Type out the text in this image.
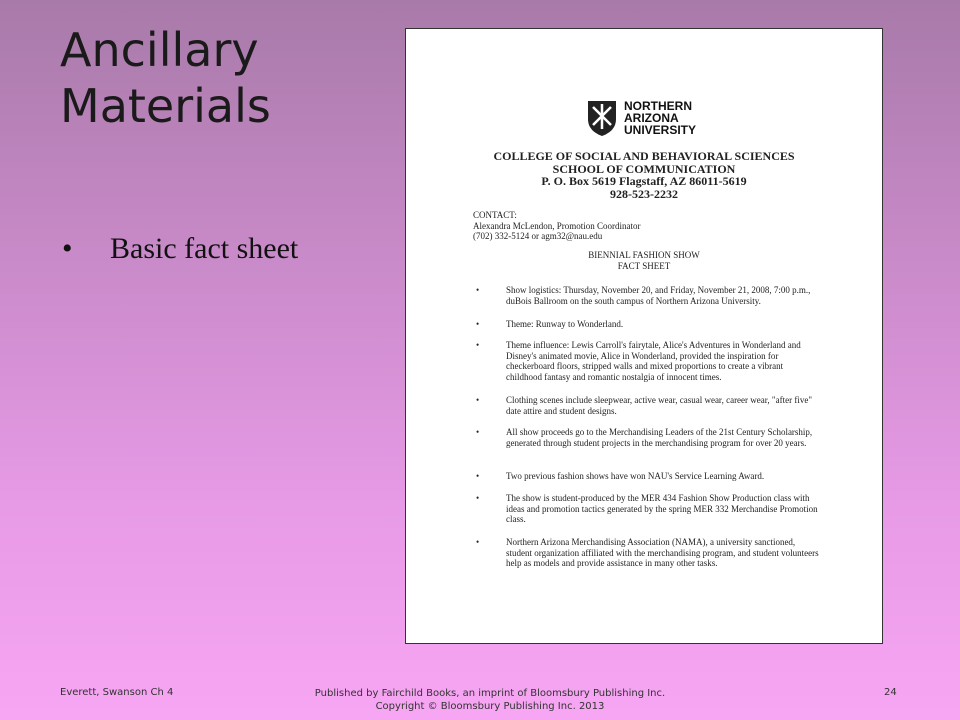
Ancillary
Materials
•	Basic fact sheet
NORTHERN
ARIZONA
UNIVERSITY
COLLEGE OF SOCIAL AND BEHAVIORAL SCIENCES
SCHOOL OF COMMUNICATION
P. O. Box 5619 Flagstaff, AZ 86011-5619
928-523-2232
CONTACT:
Alexandra McLendon, Promotion Coordinator
(702) 332-5124 or agm32@nau.edu
BIENNIAL FASHION SHOW
FACT SHEET
•	Show logistics: Thursday, November 20, and Friday, November 21, 2008, 7:00 p.m., duBois Ballroom on the south campus of Northern Arizona University.
•	Theme: Runway to Wonderland.
•	Theme influence: Lewis Carroll's fairytale, Alice's Adventures in Wonderland and Disney's animated movie, Alice in Wonderland, provided the inspiration for checkerboard floors, stripped walls and mixed proportions to create a vibrant childhood fantasy and romantic nostalgia of innocent times.
•	Clothing scenes include sleepwear, active wear, casual wear, career wear, "after five" date attire and student designs.
•	All show proceeds go to the Merchandising Leaders of the 21st Century Scholarship, generated through student projects in the merchandising program for over 20 years.
•	Two previous fashion shows have won NAU's Service Learning Award.
•	The show is student-produced by the MER 434 Fashion Show Production class with ideas and promotion tactics generated by the spring MER 332 Merchandise Promotion class.
•	Northern Arizona Merchandising Association (NAMA), a university sanctioned, student organization affiliated with the merchandising program, and student volunteers help as models and provide assistance in many other tasks.
Everett, Swanson Ch 4	Published by Fairchild Books, an imprint of Bloomsbury Publishing Inc.
Copyright © Bloomsbury Publishing Inc. 2013
24
